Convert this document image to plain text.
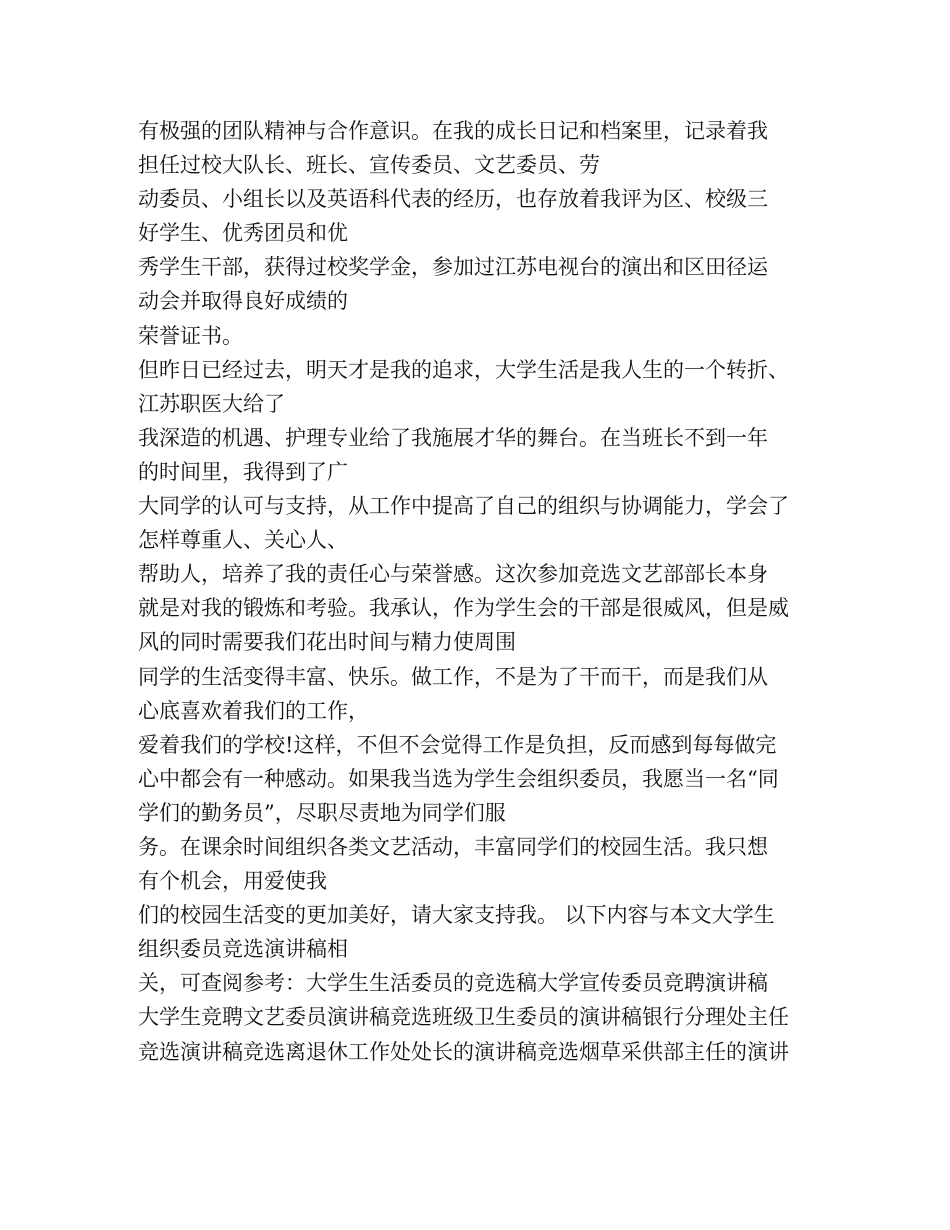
有极强的团队精神与合作意识。在我的成长日记和档案里，记录着我
担任过校大队长、班长、宣传委员、文艺委员、劳
动委员、小组长以及英语科代表的经历，也存放着我评为区、校级三
好学生、优秀团员和优
秀学生干部，获得过校奖学金，参加过江苏电视台的演出和区田径运
动会并取得良好成绩的
荣誉证书。
但昨日已经过去，明天才是我的追求，大学生活是我人生的一个转折、
江苏职医大给了
我深造的机遇、护理专业给了我施展才华的舞台。在当班长不到一年
的时间里，我得到了广
大同学的认可与支持，从工作中提高了自己的组织与协调能力，学会了
怎样尊重人、关心人、
帮助人，培养了我的责任心与荣誉感。这次参加竞选文艺部部长本身
就是对我的锻炼和考验。我承认，作为学生会的干部是很威风，但是威
风的同时需要我们花出时间与精力使周围
同学的生活变得丰富、快乐。做工作，不是为了干而干，而是我们从
心底喜欢着我们的工作，
爱着我们的学校!这样，不但不会觉得工作是负担，反而感到每每做完
心中都会有一种感动。如果我当选为学生会组织委员，我愿当一名“同
学们的勤务员”，尽职尽责地为同学们服
务。在课余时间组织各类文艺活动，丰富同学们的校园生活。我只想
有个机会，用爱使我
们的校园生活变的更加美好，请大家支持我。 以下内容与本文大学生
组织委员竞选演讲稿相
关，可查阅参考：大学生生活委员的竞选稿大学宣传委员竞聘演讲稿
大学生竞聘文艺委员演讲稿竞选班级卫生委员的演讲稿银行分理处主任
竞选演讲稿竞选离退休工作处处长的演讲稿竞选烟草采供部主任的演讲
